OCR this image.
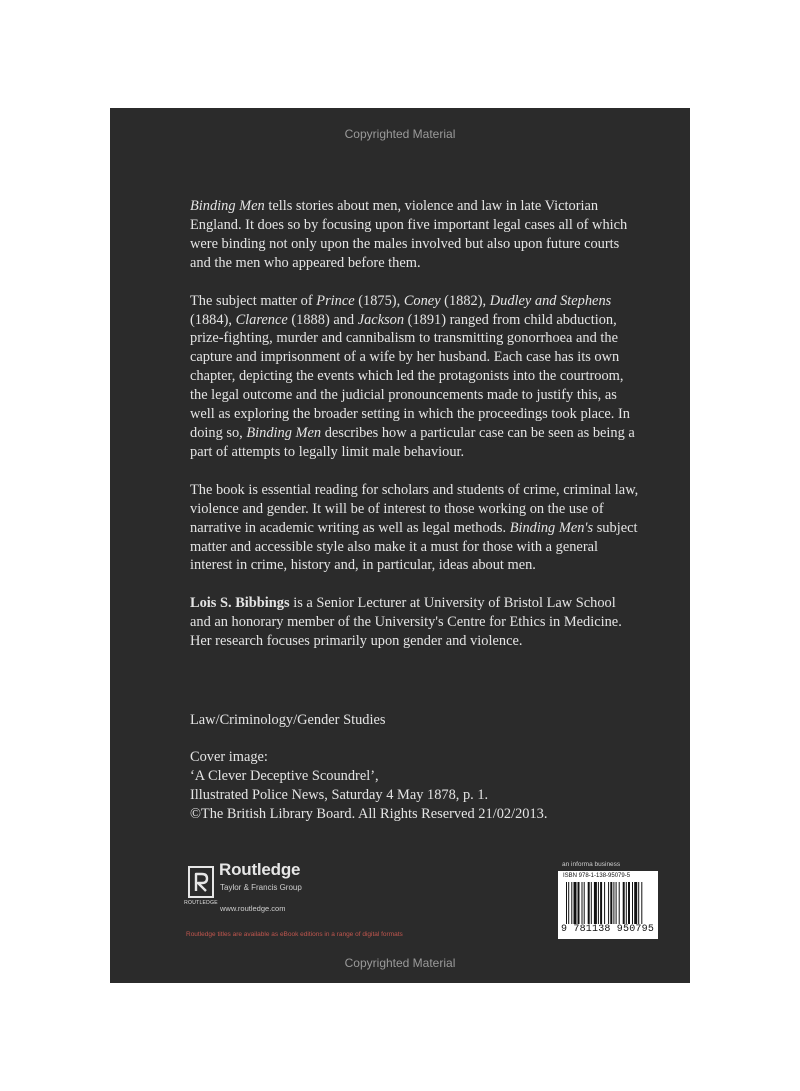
Copyrighted Material

Binding Men tells stories about men, violence and law in late Victorian England. It does so by focusing upon five important legal cases all of which were binding not only upon the males involved but also upon future courts and the men who appeared before them.

The subject matter of Prince (1875), Coney (1882), Dudley and Stephens (1884), Clarence (1888) and Jackson (1891) ranged from child abduction, prize-fighting, murder and cannibalism to transmitting gonorrhoea and the capture and imprisonment of a wife by her husband. Each case has its own chapter, depicting the events which led the protagonists into the courtroom, the legal outcome and the judicial pronouncements made to justify this, as well as exploring the broader setting in which the proceedings took place. In doing so, Binding Men describes how a particular case can be seen as being a part of attempts to legally limit male behaviour.

The book is essential reading for scholars and students of crime, criminal law, violence and gender. It will be of interest to those working on the use of narrative in academic writing as well as legal methods. Binding Men's subject matter and accessible style also make it a must for those with a general interest in crime, history and, in particular, ideas about men.

Lois S. Bibbings is a Senior Lecturer at University of Bristol Law School and an honorary member of the University's Centre for Ethics in Medicine. Her research focuses primarily upon gender and violence.

Law/Criminology/Gender Studies
Cover image:
‘A Clever Deceptive Scoundrel’,
Illustrated Police News, Saturday 4 May 1878, p. 1.
©The British Library Board. All Rights Reserved 21/02/2013.
ROUTLEDGE
Routledge
Taylor & Francis Group
www.routledge.com
Routledge titles are available as eBook editions in a range of digital formats
an informa business
ISBN 978-1-138-95079-5
9 781138 950795
Copyrighted Material
